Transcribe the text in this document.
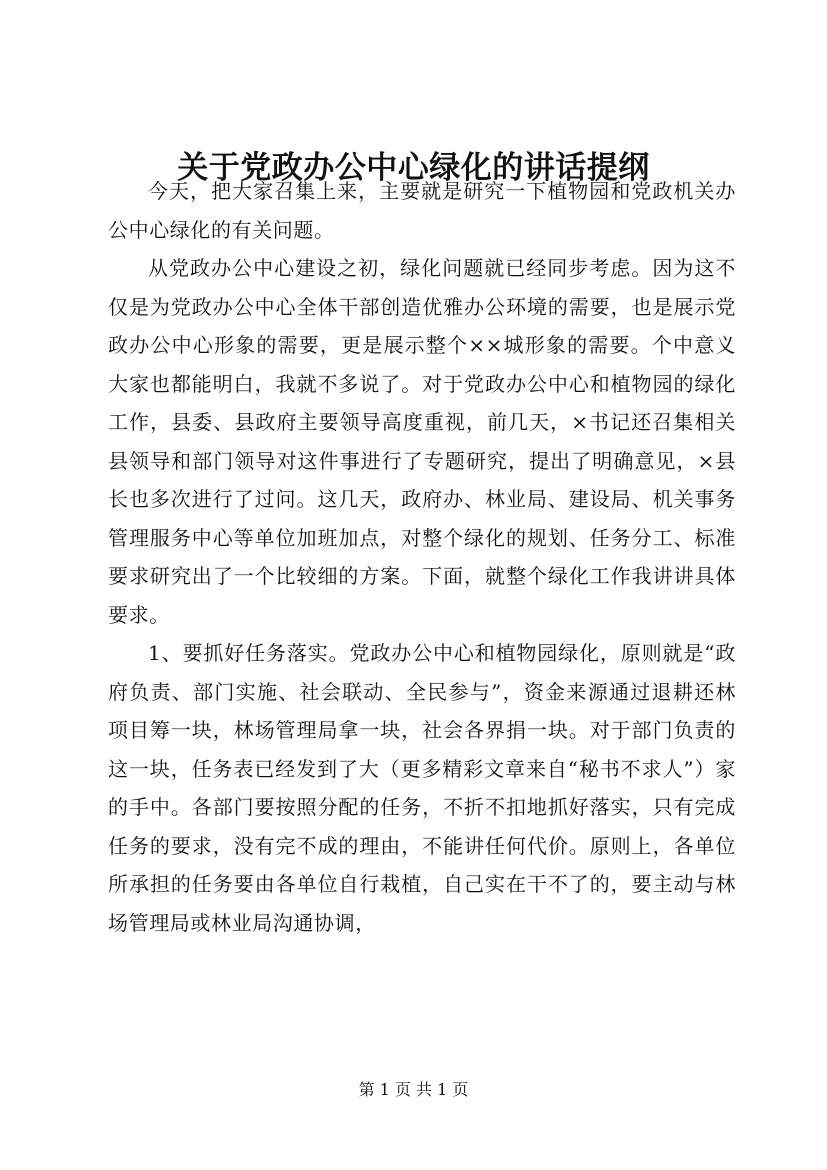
关于党政办公中心绿化的讲话提纲

今天，把大家召集上来，主要就是研究一下植物园和党政机关办公中心绿化的有关问题。

从党政办公中心建设之初，绿化问题就已经同步考虑。因为这不仅是为党政办公中心全体干部创造优雅办公环境的需要，也是展示党政办公中心形象的需要，更是展示整个××城形象的需要。个中意义大家也都能明白，我就不多说了。对于党政办公中心和植物园的绿化工作，县委、县政府主要领导高度重视，前几天，×书记还召集相关县领导和部门领导对这件事进行了专题研究，提出了明确意见，×县长也多次进行了过问。这几天，政府办、林业局、建设局、机关事务管理服务中心等单位加班加点，对整个绿化的规划、任务分工、标准要求研究出了一个比较细的方案。下面，就整个绿化工作我讲讲具体要求。

1、要抓好任务落实。党政办公中心和植物园绿化，原则就是“政府负责、部门实施、社会联动、全民参与”，资金来源通过退耕还林项目筹一块，林场管理局拿一块，社会各界捐一块。对于部门负责的这一块，任务表已经发到了大（更多精彩文章来自“秘书不求人”）家的手中。各部门要按照分配的任务，不折不扣地抓好落实，只有完成任务的要求，没有完不成的理由，不能讲任何代价。原则上，各单位所承担的任务要由各单位自行栽植，自己实在干不了的，要主动与林场管理局或林业局沟通协调，

第 1 页 共 1 页
